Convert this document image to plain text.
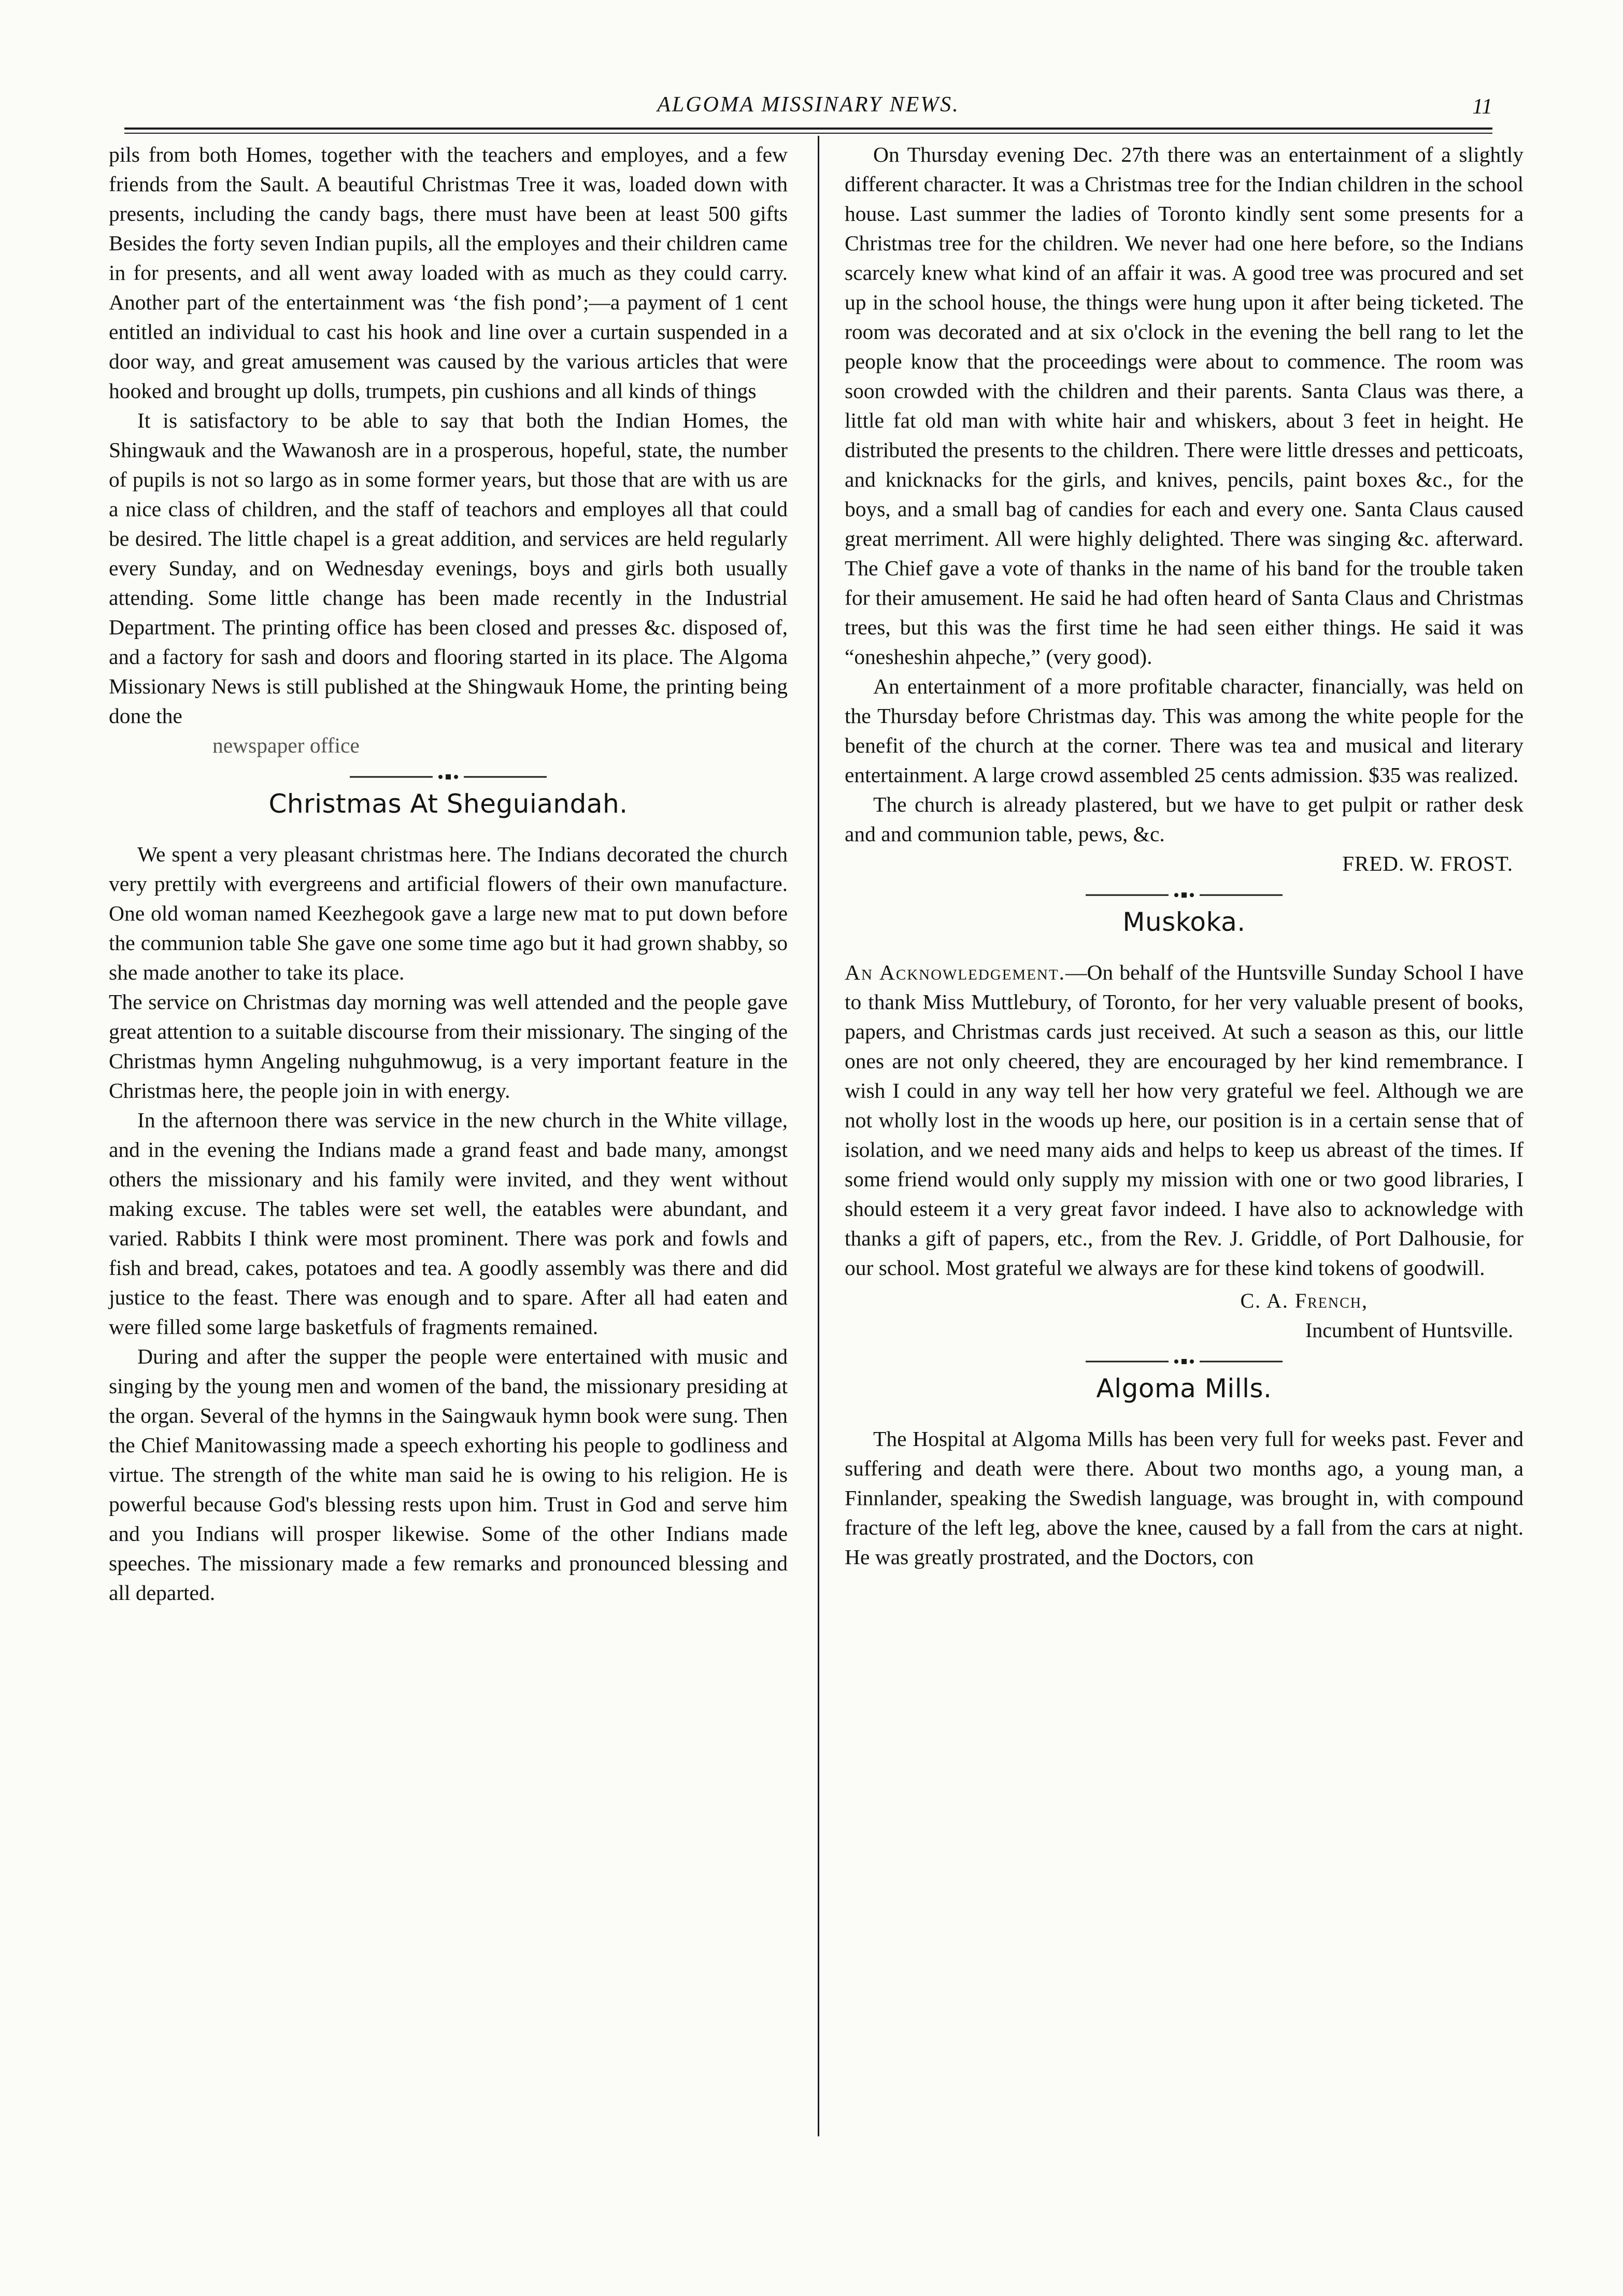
ALGOMA MISSINARY NEWS.	11

pils from both Homes, together with the teachers and employes, and a few friends from the Sault. A beautiful Christmas Tree it was, loaded down with presents, including the candy bags, there must have been at least 500 gifts Besides the forty seven Indian pupils, all the employes and their children came in for presents, and all went away loaded with as much as they could carry. Another part of the entertainment was ‘the fish pond’;—a payment of 1 cent entitled an individual to cast his hook and line over a curtain suspended in a door way, and great amusement was caused by the various articles that were hooked and brought up dolls, trumpets, pin cushions and all kinds of things

It is satisfactory to be able to say that both the Indian Homes, the Shingwauk and the Wawanosh are in a prosperous, hopeful, state, the number of pupils is not so largo as in some former years, but those that are with us are a nice class of children, and the staff of teachors and employes all that could be desired. The little chapel is a great addition, and services are held regularly every Sunday, and on Wednesday evenings, boys and girls both usually attending. Some little change has been made recently in the Industrial Department. The printing office has been closed and presses &c. disposed of, and a factory for sash and doors and flooring started in its place. The Algoma Missionary News is still published at the Shingwauk Home, the printing being done the

newspaper office

Christmas At Sheguiandah.

We spent a very pleasant christmas here. The Indians decorated the church very prettily with evergreens and artificial flowers of their own manufacture. One old woman named Keezhegook gave a large new mat to put down before the communion table She gave one some time ago but it had grown shabby, so she made another to take its place.

The service on Christmas day morning was well attended and the people gave great attention to a suitable discourse from their missionary. The singing of the Christmas hymn Angeling nuhguhmowug, is a very important feature in the Christmas here, the people join in with energy.

In the afternoon there was service in the new church in the White village, and in the evening the Indians made a grand feast and bade many, amongst others the missionary and his family were invited, and they went without making excuse. The tables were set well, the eatables were abundant, and varied. Rabbits I think were most prominent. There was pork and fowls and fish and bread, cakes, potatoes and tea. A goodly assembly was there and did justice to the feast. There was enough and to spare. After all had eaten and were filled some large basketfuls of fragments remained.

During and after the supper the people were entertained with music and singing by the young men and women of the band, the missionary presiding at the organ. Several of the hymns in the Saingwauk hymn book were sung. Then the Chief Manitowassing made a speech exhorting his people to godliness and virtue. The strength of the white man said he is owing to his religion. He is powerful because God's blessing rests upon him. Trust in God and serve him and you Indians will prosper likewise. Some of the other Indians made speeches. The missionary made a few remarks and pronounced blessing and all departed.

On Thursday evening Dec. 27th there was an entertainment of a slightly different character. It was a Christmas tree for the Indian children in the school house. Last summer the ladies of Toronto kindly sent some presents for a Christmas tree for the children. We never had one here before, so the Indians scarcely knew what kind of an affair it was. A good tree was procured and set up in the school house, the things were hung upon it after being ticketed. The room was decorated and at six o'clock in the evening the bell rang to let the people know that the proceedings were about to commence. The room was soon crowded with the children and their parents. Santa Claus was there, a little fat old man with white hair and whiskers, about 3 feet in height. He distributed the presents to the children. There were little dresses and petticoats, and knicknacks for the girls, and knives, pencils, paint boxes &c., for the boys, and a small bag of candies for each and every one. Santa Claus caused great merriment. All were highly delighted. There was singing &c. afterward. The Chief gave a vote of thanks in the name of his band for the trouble taken for their amusement. He said he had often heard of Santa Claus and Christmas trees, but this was the first time he had seen either things. He said it was “onesheshin ahpeche,” (very good).

An entertainment of a more profitable character, financially, was held on the Thursday before Christmas day. This was among the white people for the benefit of the church at the corner. There was tea and musical and literary entertainment. A large crowd assembled 25 cents admission. $35 was realized.

The church is already plastered, but we have to get pulpit or rather desk and and communion table, pews, &c.

FRED. W. FROST.
Muskoka.

An Acknowledgement.—On behalf of the Huntsville Sunday School I have to thank Miss Muttlebury, of Toronto, for her very valuable present of books, papers, and Christmas cards just received. At such a season as this, our little ones are not only cheered, they are encouraged by her kind remembrance. I wish I could in any way tell her how very grateful we feel. Although we are not wholly lost in the woods up here, our position is in a certain sense that of isolation, and we need many aids and helps to keep us abreast of the times. If some friend would only supply my mission with one or two good libraries, I should esteem it a very great favor indeed. I have also to acknowledge with thanks a gift of papers, etc., from the Rev. J. Griddle, of Port Dalhousie, for our school. Most grateful we always are for these kind tokens of goodwill.

C. A. French,
Incumbent of Huntsville.
Algoma Mills.

The Hospital at Algoma Mills has been very full for weeks past. Fever and suffering and death were there. About two months ago, a young man, a Finnlander, speaking the Swedish language, was brought in, with compound fracture of the left leg, above the knee, caused by a fall from the cars at night. He was greatly prostrated, and the Doctors, con
